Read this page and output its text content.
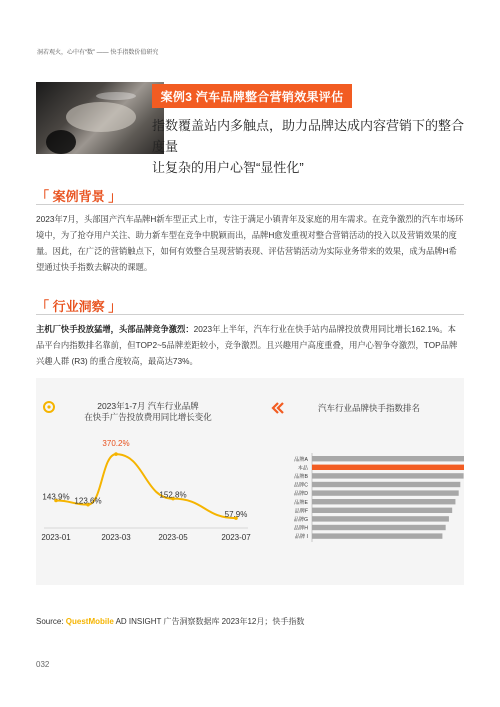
洞若观火，心中有“数” —— 快手指数价值研究
案例3 汽车品牌整合营销效果评估
指数覆盖站内多触点，助力品牌达成内容营销下的整合度量
让复杂的用户心智“显性化”
「 案例背景 」
2023年7月，头部国产汽车品牌H新车型正式上市，专注于满足小镇青年及家庭的用车需求。在竞争激烈的汽车市场环境中，为了抢夺用户关注、助力新车型在竞争中脱颖而出，品牌H愈发重视对整合营销活动的投入以及营销效果的度量。因此，在广泛的营销触点下，如何有效整合呈现营销表现、评估营销活动为实际业务带来的效果，成为品牌H希望通过快手指数去解决的课题。
「 行业洞察 」
主机厂快手投放猛增，头部品牌竞争激烈：2023年上半年，汽车行业在快手站内品牌投放费用同比增长162.1%。本品平台内指数排名靠前，但TOP2~5品牌差距较小，竞争激烈。且兴趣用户高度重叠，用户心智争夺激烈，TOP品牌兴趣人群 (R3) 的重合度较高，最高达73%。
2023年1-7月 汽车行业品牌
在快手广告投放费用同比增长变化
143.9% 123.6%
370.2%
152.8%
57.9%
2023-01	2023-03	2023-05	2023-07
汽车行业品牌快手指数排名
品牌A
本品
品牌B
品牌C
品牌D
品牌E
品牌F
品牌G
品牌H
品牌 I
Source: QuestMobile AD INSIGHT 广告洞察数据库 2023年12月；快手指数
032
